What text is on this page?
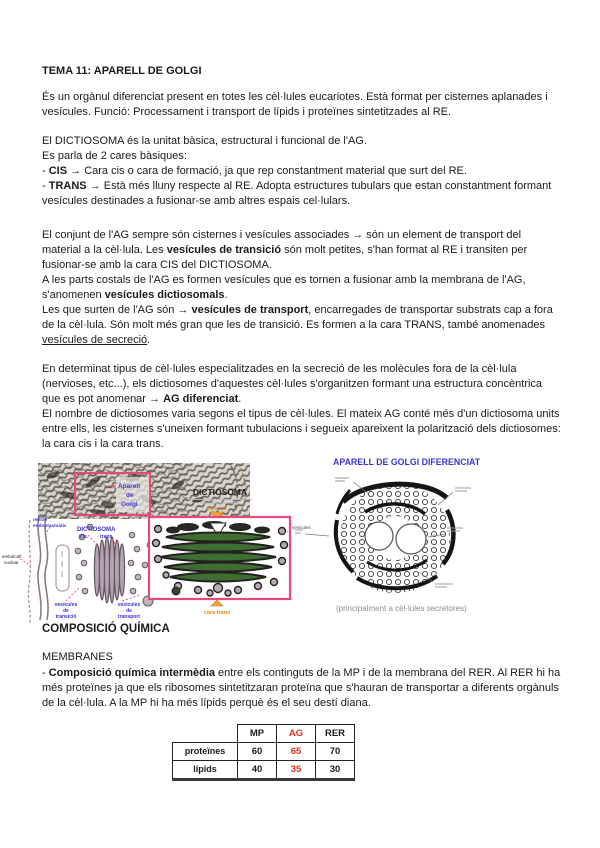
TEMA 11: APARELL DE GOLGI
És un orgànul diferenciat present en totes les cèl·lules eucariotes. Està format per cisternes aplanades i vesícules. Funció: Processament i transport de lípids i proteïnes sintetitzades al RE.
El DICTIOSOMA és la unitat bàsica, estructural i funcional de l'AG.
Es parla de 2 cares bàsiques:
- CIS → Cara cis o cara de formació, ja que rep constantment material que surt del RE.
- TRANS → Està més lluny respecte al RE. Adopta estructures tubulars que estan constantment formant vesícules destinades a fusionar-se amb altres espais cel·lulars.
El conjunt de l'AG sempre són cisternes i vesícules associades → són un element de transport del material a la cèl·lula. Les vesícules de transició són molt petites, s'han format al RE i transiten per fusionar-se amb la cara CIS del DICTIOSOMA.
A les parts costals de l'AG es formen vesícules que es tornen a fusionar amb la membrana de l'AG, s'anomenen vesícules dictiosomals.
Les que surten de l'AG són → vesícules de transport, encarregades de transportar substrats cap a fora de la cèl·lula. Són molt més gran que les de transició. Es formen a la cara TRANS, també anomenades vesícules de secreció.
En determinat tipus de cèl·lules especialitzades en la secreció de les molècules fora de la cèl·lula (nervioses, etc...), els dictiosomes d'aquestes cèl·lules s'organitzen formant una estructura concèntrica que es pot anomenar → AG diferenciat.
El nombre de dictiosomes varia segons el tipus de cèl·lules. El mateix AG conté més d'un dictiosoma units entre ells, les cisternes s'uneixen formant tubulacions i segueix apareixent la polarització dels dictiosomes: la cara cis i la cara trans.
Aparell
de
Golgi
reticle
endoplasmàtic
DICTIOSOMA
cis. trans.
embolcall
nuclear
vesícules
de
transició
vesícules
de
transport
DICTIOSOMA
cara cis
cara trans
vesícules
APARELL DE GOLGI DIFERENCIAT
(principalment a cèl·lules secretores)
COMPOSICIÓ QUÍMICA
MEMBRANES
- Composició química intermèdia entre els continguts de la MP i de la membrana del RER. Al RER hi ha més proteïnes ja que els ribosomes sintetitzaran proteïna que s'hauran de transportar a diferents orgànuls de la cèl·lula. A la MP hi ha més lípids perquè és el seu destí diana.
	MP	AG	RER
proteïnes	60	65	70
lípids	40	35	30
